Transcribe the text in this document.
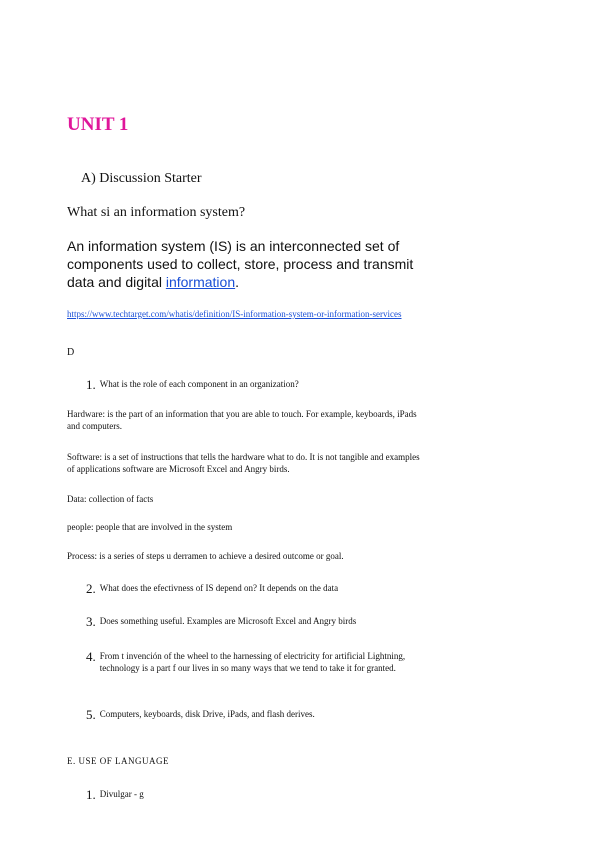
UNIT 1
A) Discussion Starter
What si an information system?
An information system (IS) is an interconnected set of components used to collect, store, process and transmit data and digital information.
https://www.techtarget.com/whatis/definition/IS-information-system-or-information-services
D
1. What is the role of each component in an organization?
Hardware: is the part of an information that you are able to touch. For example, keyboards, iPads and computers.
Software: is a set of instructions that tells the hardware what to do. It is not tangible and examples of applications software are Microsoft Excel and Angry birds.
Data: collection of facts
people: people that are involved in the system
Process: is a series of steps u derramen to achieve a desired outcome or goal.
2. What does the efectivness of IS depend on? It depends on the data
3. Does something useful. Examples are Microsoft Excel and Angry birds
4. From t invención of the wheel to the harnessing of electricity for artificial Lightning, technology is a part f our lives in so many ways that we tend to take it for granted.
5. Computers, keyboards, disk Drive, iPads, and flash derives.
E. USE OF LANGUAGE
1. Divulgar - g
